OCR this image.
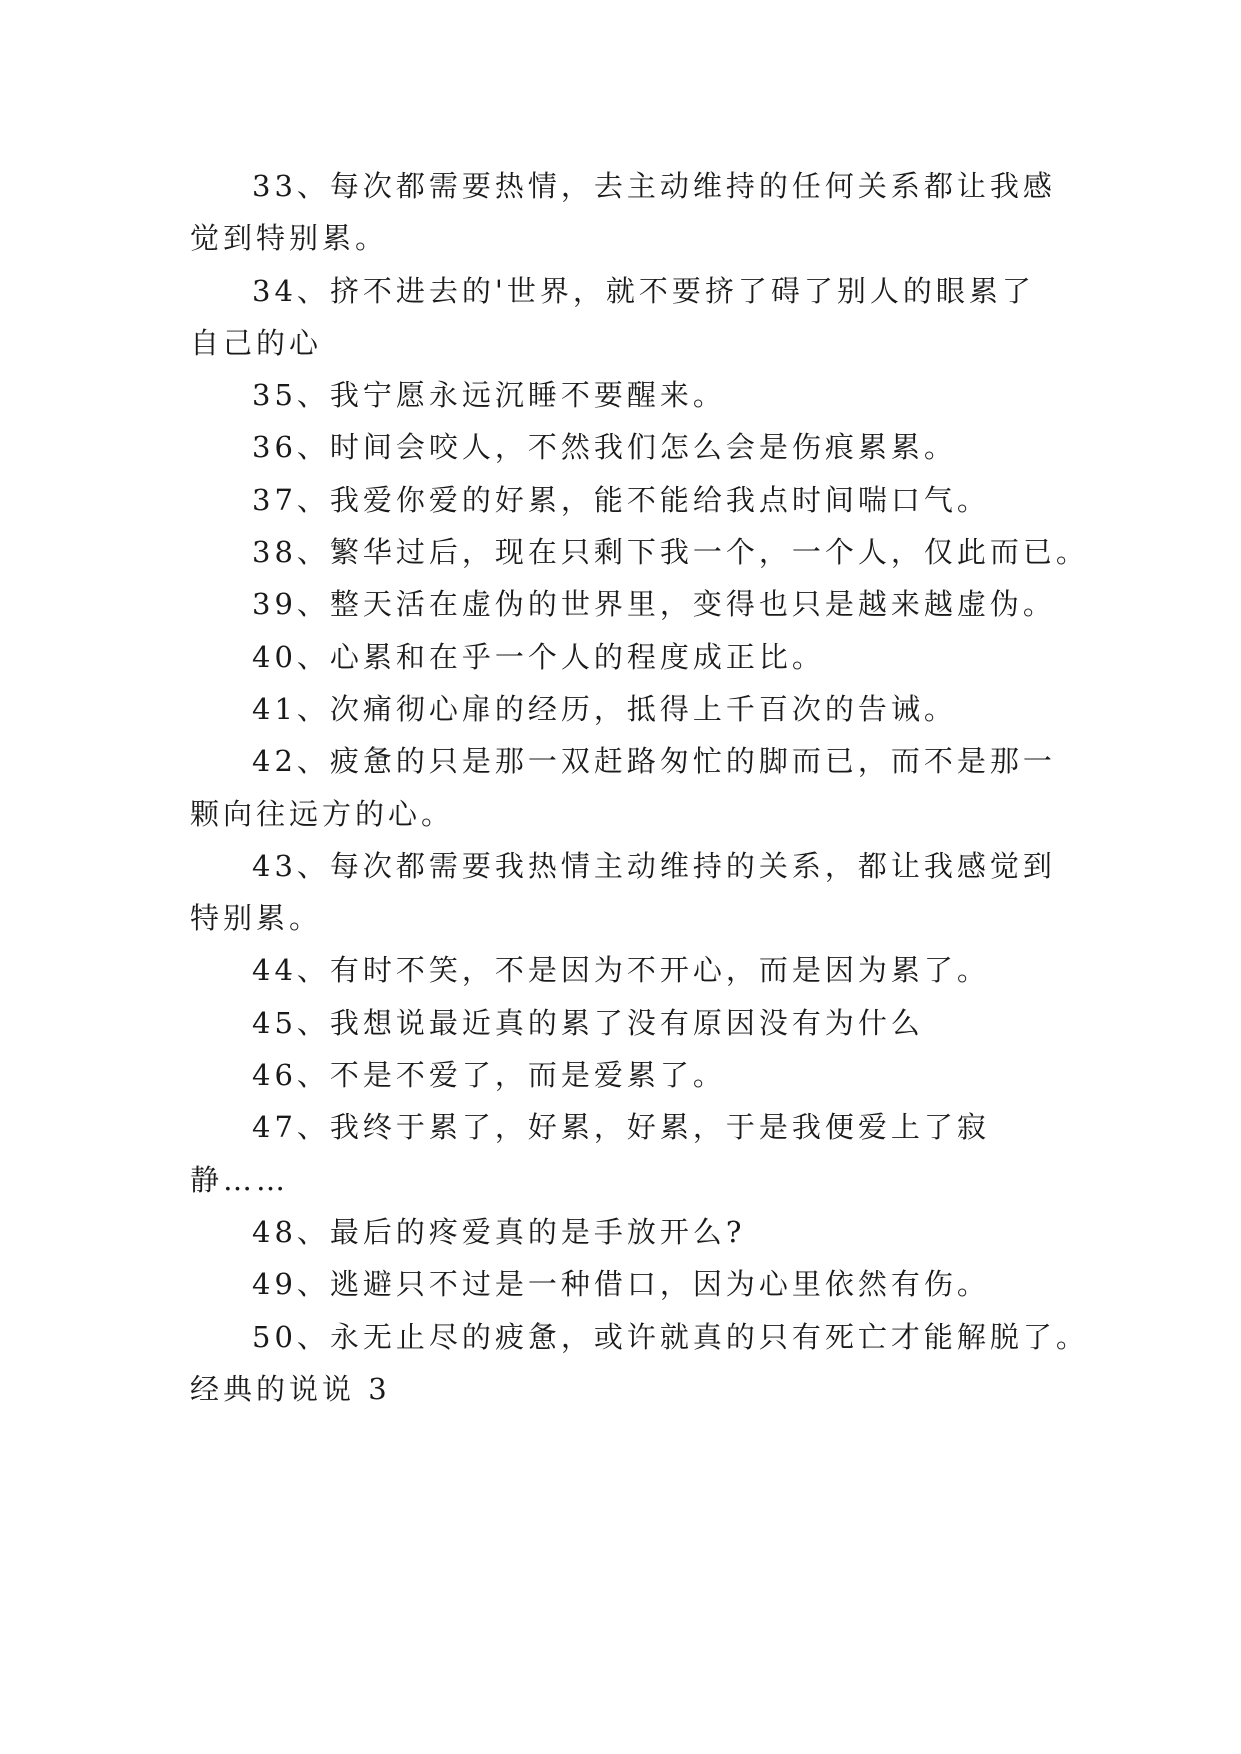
33、每次都需要热情，去主动维持的任何关系都让我感
觉到特别累。
34、挤不进去的'世界，就不要挤了碍了别人的眼累了
自己的心
35、我宁愿永远沉睡不要醒来。
36、时间会咬人，不然我们怎么会是伤痕累累。
37、我爱你爱的好累，能不能给我点时间喘口气。
38、繁华过后，现在只剩下我一个，一个人，仅此而已。
39、整天活在虚伪的世界里，变得也只是越来越虚伪。
40、心累和在乎一个人的程度成正比。
41、次痛彻心扉的经历，抵得上千百次的告诫。
42、疲惫的只是那一双赶路匆忙的脚而已，而不是那一
颗向往远方的心。
43、每次都需要我热情主动维持的关系，都让我感觉到
特别累。
44、有时不笑，不是因为不开心，而是因为累了。
45、我想说最近真的累了没有原因没有为什么
46、不是不爱了，而是爱累了。
47、我终于累了，好累，好累，于是我便爱上了寂
静……
48、最后的疼爱真的是手放开么?
49、逃避只不过是一种借口，因为心里依然有伤。
50、永无止尽的疲惫，或许就真的只有死亡才能解脱了。
经典的说说 3
